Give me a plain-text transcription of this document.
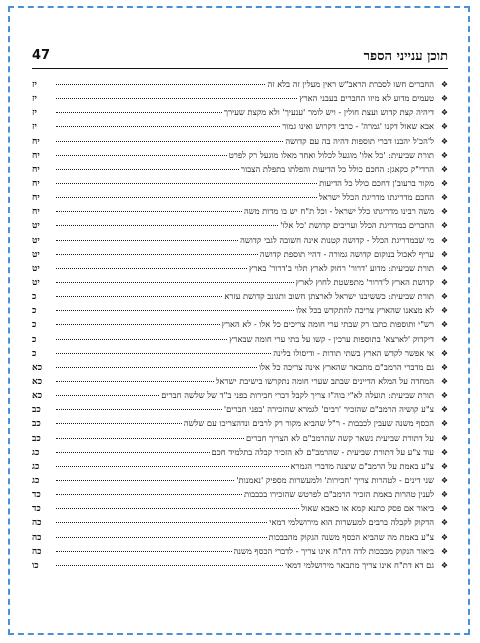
תוכן ענייני הספר
47
❖
החברים חשו לסברת הראב"ש ראין מעלין זה בלא זה
יז
❖
טעמים מדוע לא מיזו החברים בעבני הארץ
יז
❖
דיהיה קצת קדוש ועצת חולין - ויש לומר 'ענעיך' ולא מקצת שעירך
יז
❖
אבא שאול דקנו 'גמרה' - כרבי דקרוש ואינו גמור
יז
❖
ל'הכ'ל יהבנו דברי תוספות דהיה בה עם קדושה
יח
❖
תורת שביעית: 'כל אלו' מוגעל לכלול ואחד מאלו מוגעל רק לפרט
יח
❖
הרדי"ק כקאגן: החכם כולל כל הדיעות והפלתו בתפלת הצבור
יח
❖
מקור ברעוב'ן דחכם כולל כל הדיעות
יח
❖
החכם מדריגתו מדריגת הכלל ישראל
יח
❖
משה רבינו מדריגתו כלל ישראל - וכל ת"ח יש בו מדות משה
יח
❖
החברים במדריגת הכלל ועריבים קדושת 'כל אלו'
יט
❖
מי שבמדריגת הכלל - קדושה קטנות אינה חשובה לגבי קדושה
יט
❖
עריף לאכול בנוקום קדושה גמורה - דהיי תוספת קדושה
יט
❖
תורת שביעית: מדוע 'דרור' רחוק לארץ תלוי ב'דרור' בארץ
יט
❖
קדושת הארץ ל'דרור' מתפשטת לחוץ לארץ
יט
❖
תורת שביעית: כששיבנו ישראל לארצתן חשוב ותגונב קדושת עזרא
כ
❖
לא מצאנו שהארץ צריכה להתקדש בכל אלו
כ
❖
רש"י ותוספות כתבו רק שבתי ערי חומה צריכים כל אלו - לא הארץ
כ
❖
דיקדוק 'לארצא' בתוספות ערכין - קשו על בתי ערי חומה שבארץ
כ
❖
אי אפשר לקדש הארץ בשתי תודות - ודיסולו בלינה
כ
❖
גם מדברי הרמב"ם מתבאר שהארץ אינה צריכה כל אלו
כא
❖
המחדה על המלא הדיינים שבתב שערי חומה נתקרשו בישיבת ישראל
כא
❖
תורת שביעית: תועלה לא"י בוה"ז צריך לקבל דברי חבירות בפני ב"ד של שלשה חברים
כא
❖
צ"ע קושיה הרמב"ם שהזכיר 'רבים' לגמרא שהזכירה 'בפני חברים'
כב
❖
הכסף משנה שעבין לכבבות - ר"ל שהביא מקור רק לרבים ונדהצריכו עם שלשה
כב
❖
על דתורת שביעית נשאר קשה שהרמב"ם לא הצריך חברים
כב
❖
עוד צ"ע על דתורת שביעית - שהרמב"ם לא הזכיר קבלה בתלמיד חכם
כג
❖
צ"ע באמת על הרמב"ם שיצנה מדברי הגמרא
כג
❖
שני דינים - לטהרות צריך 'חבירות' ולמעשרות מספיק 'נאמנות'
כג
❖
לענין טהרות באמת הזכיר הרמב"ם לפרטש שהזכירו בכבבות
כד
❖
ביאור אם פסק כתנא קמא או כאבא שאול
כד
❖
הדקוק לקבלה ברבים למעשרות הוא מירושלמי דמאי
כה
❖
צ"ע באמת מה שהביא הכסף משנה הגקוק מהבבכות
כה
❖
ביאור הנקוק מבבכות לדה דת"ח אינו צריך - לדברי הכסף משנה
כה
❖
גם דא דת"ח אינו צריך מתבאר מירושלמי דמאי
כו
